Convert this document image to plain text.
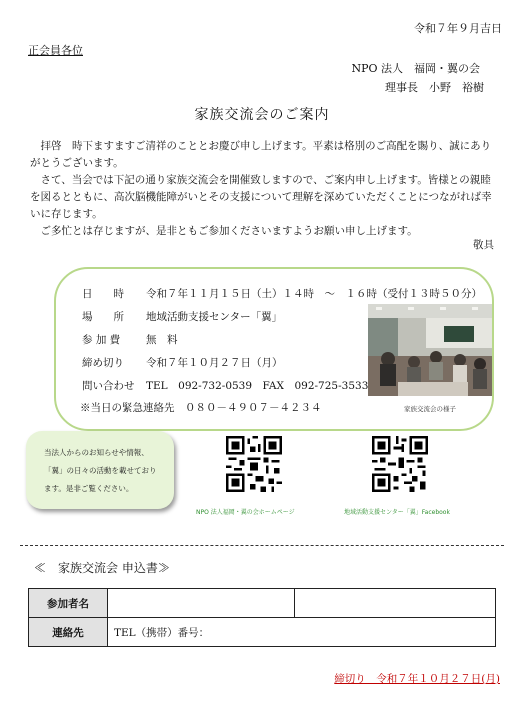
令和７年９月吉日
正会員各位
NPO 法人　福岡・翼の会
理事長　小野　裕樹
家族交流会のご案内

拝啓　時下ますますご清祥のこととお慶び申し上げます。平素は格別のご高配を賜り、誠にありがとうございます。

さて、当会では下記の通り家族交流会を開催致しますので、ご案内申し上げます。皆様との親睦を図るとともに、高次脳機能障がいとその支援について理解を深めていただくことにつながれば幸いに存じます。

ご多忙とは存じますが、是非ともご参加くださいますようお願い申し上げます。

敬具
日　　時 令和７年１１月１５日（土）１４時　～　１６時（受付１３時５０分）
場　　所 地域活動支援センター「翼」
参 加 費 無　料
締め切り 令和７年１０月２７日（月）
問い合わせ TEL　092-732-0539　FAX　092-725-3533
※当日の緊急連絡先　０８０－４９０７－４２３４	家族交流会の様子
当法人からのお知らせや情報、
「翼」の日々の活動を載せており
ます。是非ご覧ください。
NPO 法人福岡・翼の会ホームページ	地域活動支援センター「翼」Facebook
≪　家族交流会 申込書≫
参加者名		
連絡先	TEL（携帯）番号：	
締切り　令和７年１０月２７日(月)
